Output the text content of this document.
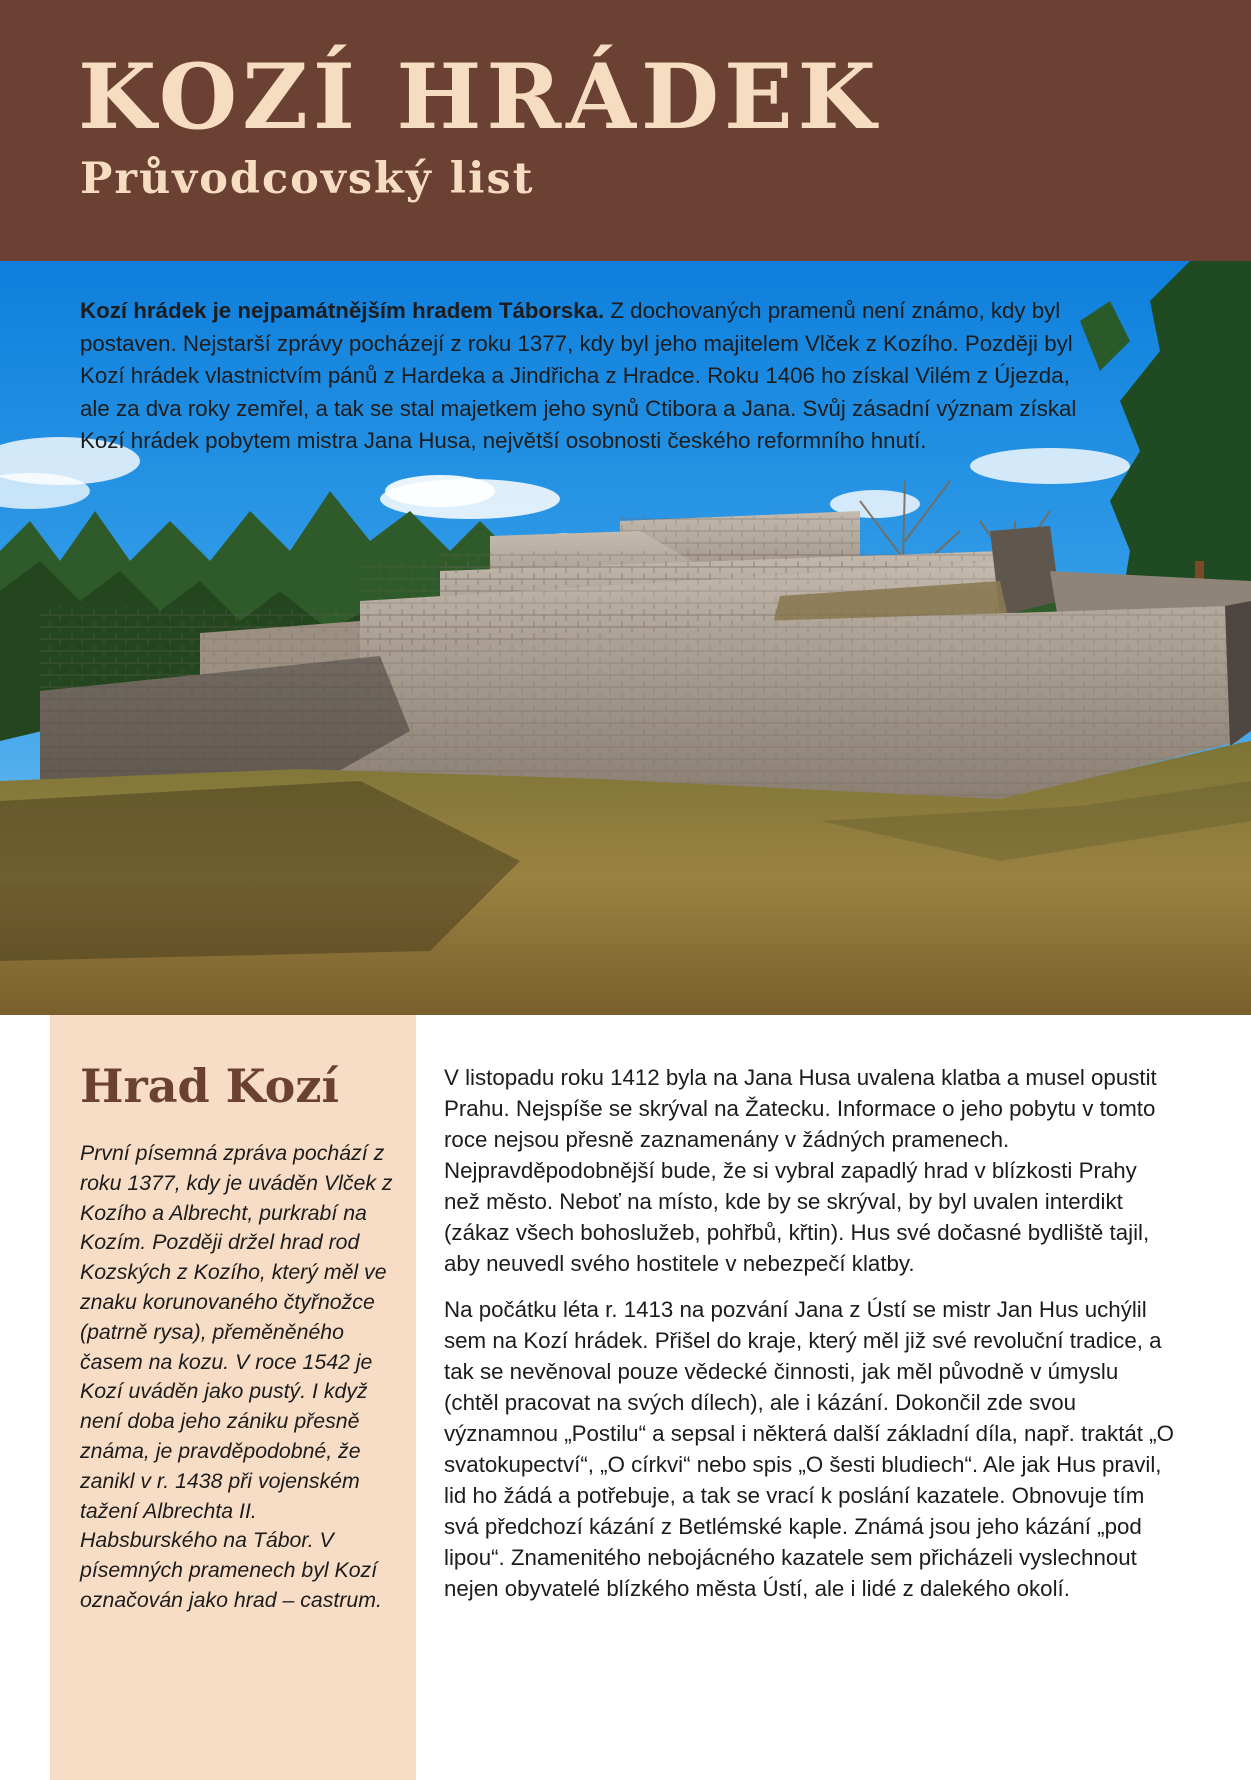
KOZÍ HRÁDEK
Průvodcovský list

Kozí hrádek je nejpamátnějším hradem Táborska. Z dochovaných pramenů není známo, kdy byl postaven. Nejstarší zprávy pocházejí z roku 1377, kdy byl jeho majitelem Vlček z Kozího. Později byl Kozí hrádek vlastnictvím pánů z Hardeka a Jindřicha z Hradce. Roku 1406 ho získal Vilém z Újezda, ale za dva roky zemřel, a tak se stal majetkem jeho synů Ctibora a Jana. Svůj zásadní význam získal Kozí hrádek pobytem mistra Jana Husa, největší osobnosti českého reformního hnutí.

Hrad Kozí

První písemná zpráva pochází z roku 1377, kdy je uváděn Vlček z Kozího a Albrecht, purkrabí na Kozím. Později držel hrad rod Kozských z Kozího, který měl ve znaku korunovaného čtyřnožce (patrně rysa), přeměněného časem na kozu. V roce 1542 je Kozí uváděn jako pustý. I když není doba jeho zániku přesně známa, je pravděpodobné, že zanikl v r. 1438 při vojenském tažení Albrechta II. Habsburského na Tábor. V písemných pramenech byl Kozí označován jako hrad – castrum.

V listopadu roku 1412 byla na Jana Husa uvalena klatba a musel opustit Prahu. Nejspíše se skrýval na Žatecku. Informace o jeho pobytu v tomto roce nejsou přesně zaznamenány v žádných pramenech. Nejpravděpodobnější bude, že si vybral zapadlý hrad v blízkosti Prahy než město. Neboť na místo, kde by se skrýval, by byl uvalen interdikt (zákaz všech bohoslužeb, pohřbů, křtin). Hus své dočasné bydliště tajil, aby neuvedl svého hostitele v nebezpečí klatby.

Na počátku léta r. 1413 na pozvání Jana z Ústí se mistr Jan Hus uchýlil sem na Kozí hrádek. Přišel do kraje, který měl již své revoluční tradice, a tak se nevěnoval pouze vědecké činnosti, jak měl původně v úmyslu (chtěl pracovat na svých dílech), ale i kázání. Dokončil zde svou významnou „Postilu“ a sepsal i některá další základní díla, např. traktát „O svatokupectví“, „O církvi“ nebo spis „O šesti bludiech“. Ale jak Hus pravil, lid ho žádá a potřebuje, a tak se vrací k poslání kazatele. Obnovuje tím svá předchozí kázání z Betlémské kaple. Známá jsou jeho kázání „pod lipou“. Znamenitého nebojácného kazatele sem přicházeli vyslechnout nejen obyvatelé blízkého města Ústí, ale i lidé z dalekého okolí.
